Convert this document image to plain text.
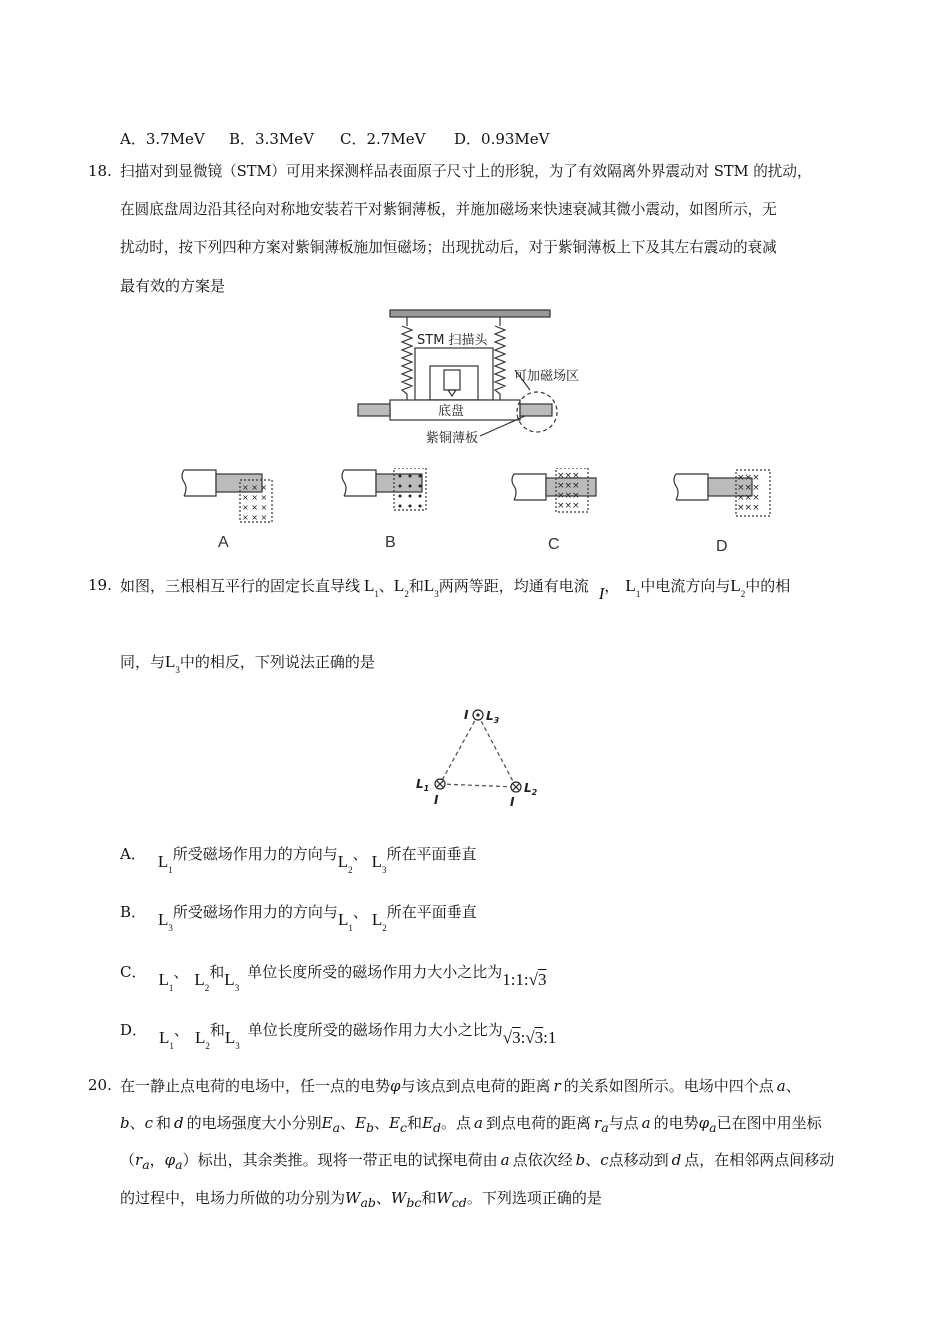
A．3.7MeV B．3.3MeV C．2.7MeV D．0.93MeV
18. 扫描对到显微镜（STM）可用来探测样品表面原子尺寸上的形貌，为了有效隔离外界震动对 STM 的扰动，
在圆底盘周边沿其径向对称地安装若干对紫铜薄板，并施加磁场来快速衰减其微小震动，如图所示，无
扰动时，按下列四种方案对紫铜薄板施加恒磁场；出现扰动后，对于紫铜薄板上下及其左右震动的衰减
最有效的方案是
STM 扫描头
可加磁场区
底盘
紫铜薄板
× × ×
× × ×
× × ×
× × ×
×××
×××
×××
×××
×××
×××
×××
×××
A	B	C	D
19. 如图，三根相互平行的固定长直导线 $L_1$、$L_2$和$L_3$两两等距，均通有电流 I， $L_1$中电流方向与$L_2$中的相
同，与$L_3$中的相反，下列说法正确的是
I $L_3$
$L_1$
I
$L_2$
I
A． $L_1$所受磁场作用力的方向与$L_2$、 $L_3$所在平面垂直
B． $L_3$所受磁场作用力的方向与$L_1$、 $L_2$所在平面垂直
C． $L_1$、 $L_2$和$L_3$单位长度所受的磁场作用力大小之比为1:1:√3
D． $L_1$、 $L_2$和$L_3$单位长度所受的磁场作用力大小之比为√3:√3:1
20. 在一静止点电荷的电场中，任一点的电势φ与该点到点电荷的距离 r 的关系如图所示。电场中四个点 a、
b、c 和 d 的电场强度大小分别$E_a$、$E_b$、$E_c$和$E_d$。点 a 到点电荷的距离 $r_a$与点 a 的电势$\varphi_a$已在图中用坐标
（$r_a$，$\varphi_a$）标出，其余类推。现将一带正电的试探电荷由 a 点依次经 b、c点移动到 d 点，在相邻两点间移动
的过程中，电场力所做的功分别为$W_{ab}$、$W_{bc}$和$W_{cd}$。下列选项正确的是
